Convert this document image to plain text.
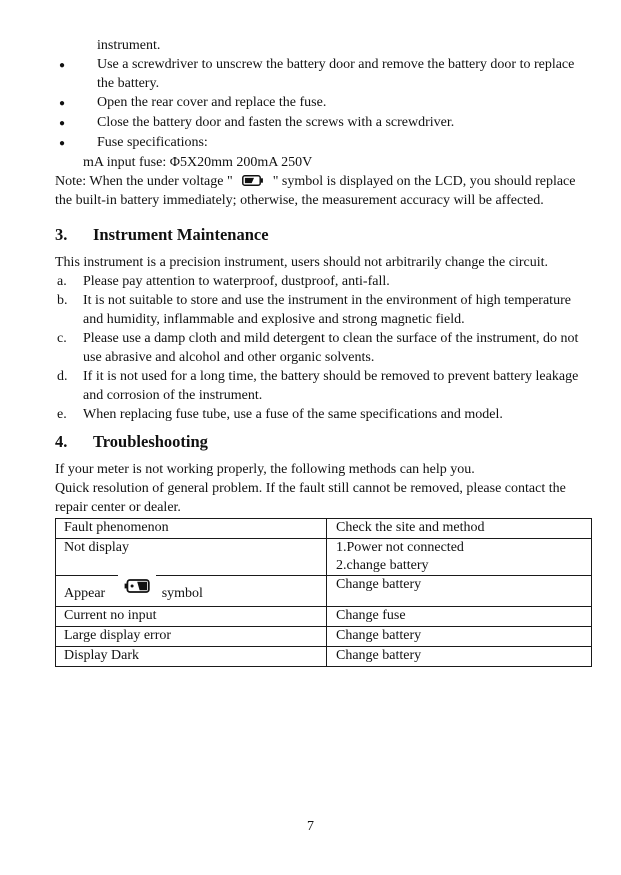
instrument.
●	Use a screwdriver to unscrew the battery door and remove the battery door to replace the battery.
●	Open the rear cover and replace the fuse.
●	Close the battery door and fasten the screws with a screwdriver.
●	Fuse specifications:
mA input fuse: Φ5X20mm 200mA 250V

Note: When the under voltage "  " symbol is displayed on the LCD, you should replace the built-in battery immediately; otherwise, the measurement accuracy will be affected.

3.	Instrument Maintenance
This instrument is a precision instrument, users should not arbitrarily change the circuit.
a.	Please pay attention to waterproof, dustproof, anti-fall.
b.	It is not suitable to store and use the instrument in the environment of high temperature and humidity, inflammable and explosive and strong magnetic field.
c.	Please use a damp cloth and mild detergent to clean the surface of the instrument, do not use abrasive and alcohol and other organic solvents.
d.	If it is not used for a long time, the battery should be removed to prevent battery leakage and corrosion of the instrument.
e.	When replacing fuse tube, use a fuse of the same specifications and model.
4.	Troubleshooting
If your meter is not working properly, the following methods can help you.
Quick resolution of general problem. If the fault still cannot be removed, please contact the repair center or dealer.
Fault phenomenon	Check the site and method
Not display	1.Power not connected
2.change battery

Appear symbol	Change battery
Current no input	Change fuse
Large display error	Change battery
Display Dark	Change battery
7
